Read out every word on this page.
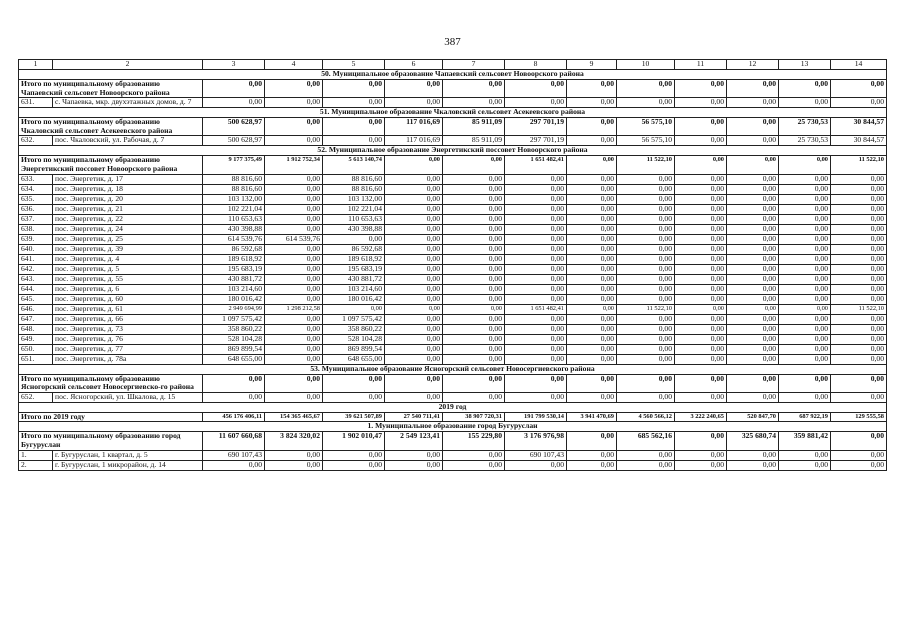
387
1	2	3	4	5	6	7	8	9	10	11	12	13	14
50. Муниципальное образование Чапаевский сельсовет Новоорского района													
Итого по муниципальному образованию Чапаевский сельсовет Новоорского района		0,00	0,00	0,00	0,00	0,00	0,00	0,00	0,00	0,00	0,00	0,00	0,00
631.	с. Чапаевка, мкр. двухэтажных домов, д. 7	0,00	0,00	0,00	0,00	0,00	0,00	0,00	0,00	0,00	0,00	0,00	0,00
51. Муниципальное образование Чкаловский сельсовет Асекеевского района													
Итого по муниципальному образованию Чкаловский сельсовет Асекеевского района		500 628,97	0,00	0,00	117 016,69	85 911,09	297 701,19	0,00	56 575,10	0,00	0,00	25 730,53	30 844,57
632.	пос. Чкаловский, ул. Рабочая, д. 7	500 628,97	0,00	0,00	117 016,69	85 911,09	297 701,19	0,00	56 575,10	0,00	0,00	25 730,53	30 844,57
52. Муниципальное образование Энергетикский поссовет Новоорского района													
Итого по муниципальному образованию Энергетикский поссовет Новоорского района		9 177 375,49	1 912 752,34	5 613 140,74	0,00	0,00	1 651 482,41	0,00	11 522,10	0,00	0,00	0,00	11 522,10
633.	пос. Энергетик, д. 17	88 816,60	0,00	88 816,60	0,00	0,00	0,00	0,00	0,00	0,00	0,00	0,00	0,00
634.	пос. Энергетик, д. 18	88 816,60	0,00	88 816,60	0,00	0,00	0,00	0,00	0,00	0,00	0,00	0,00	0,00
635.	пос. Энергетик, д. 20	103 132,00	0,00	103 132,00	0,00	0,00	0,00	0,00	0,00	0,00	0,00	0,00	0,00
636.	пос. Энергетик, д. 21	102 221,04	0,00	102 221,04	0,00	0,00	0,00	0,00	0,00	0,00	0,00	0,00	0,00
637.	пос. Энергетик, д. 22	110 653,63	0,00	110 653,63	0,00	0,00	0,00	0,00	0,00	0,00	0,00	0,00	0,00
638.	пос. Энергетик, д. 24	430 398,88	0,00	430 398,88	0,00	0,00	0,00	0,00	0,00	0,00	0,00	0,00	0,00
639.	пос. Энергетик, д. 25	614 539,76	614 539,76	0,00	0,00	0,00	0,00	0,00	0,00	0,00	0,00	0,00	0,00
640.	пос. Энергетик, д. 39	86 592,68	0,00	86 592,68	0,00	0,00	0,00	0,00	0,00	0,00	0,00	0,00	0,00
641.	пос. Энергетик, д. 4	189 618,92	0,00	189 618,92	0,00	0,00	0,00	0,00	0,00	0,00	0,00	0,00	0,00
642.	пос. Энергетик, д. 5	195 683,19	0,00	195 683,19	0,00	0,00	0,00	0,00	0,00	0,00	0,00	0,00	0,00
643.	пос. Энергетик, д. 55	430 881,72	0,00	430 881,72	0,00	0,00	0,00	0,00	0,00	0,00	0,00	0,00	0,00
644.	пос. Энергетик, д. 6	103 214,60	0,00	103 214,60	0,00	0,00	0,00	0,00	0,00	0,00	0,00	0,00	0,00
645.	пос. Энергетик, д. 60	180 016,42	0,00	180 016,42	0,00	0,00	0,00	0,00	0,00	0,00	0,00	0,00	0,00
646.	пос. Энергетик, д. 61	2 949 694,99	1 298 212,58	0,00	0,00	0,00	1 651 482,41	0,00	11 522,10	0,00	0,00	0,00	11 522,10
647.	пос. Энергетик, д. 66	1 097 575,42	0,00	1 097 575,42	0,00	0,00	0,00	0,00	0,00	0,00	0,00	0,00	0,00
648.	пос. Энергетик, д. 73	358 860,22	0,00	358 860,22	0,00	0,00	0,00	0,00	0,00	0,00	0,00	0,00	0,00
649.	пос. Энергетик, д. 76	528 104,28	0,00	528 104,28	0,00	0,00	0,00	0,00	0,00	0,00	0,00	0,00	0,00
650.	пос. Энергетик, д. 77	869 899,54	0,00	869 899,54	0,00	0,00	0,00	0,00	0,00	0,00	0,00	0,00	0,00
651.	пос. Энергетик, д. 78а	648 655,00	0,00	648 655,00	0,00	0,00	0,00	0,00	0,00	0,00	0,00	0,00	0,00
53. Муниципальное образование Ясногорский сельсовет Новосергиевского района													
Итого по муниципальному образованию Ясногорский сельсовет Новосергиевско-го района		0,00	0,00	0,00	0,00	0,00	0,00	0,00	0,00	0,00	0,00	0,00	0,00
652.	пос. Ясногорский, ул. Шкалова, д. 15	0,00	0,00	0,00	0,00	0,00	0,00	0,00	0,00	0,00	0,00	0,00	0,00
2019 год													
Итого по 2019 году		456 176 406,11	154 365 465,67	39 621 507,89	27 540 711,41	38 907 720,31	191 799 530,14	3 941 470,69	4 560 566,12	3 222 240,65	520 847,70	687 922,19	129 555,58
1. Муниципальное образование город Бугуруслан													
Итого по муниципальному образованию город Бугуруслан		11 607 660,68	3 824 320,02	1 902 010,47	2 549 123,41	155 229,80	3 176 976,98	0,00	685 562,16	0,00	325 680,74	359 881,42	0,00
1.	г. Бугуруслан, 1 квартал, д. 5	690 107,43	0,00	0,00	0,00	0,00	690 107,43	0,00	0,00	0,00	0,00	0,00	0,00
2.	г. Бугуруслан, 1 микрорайон, д. 14	0,00	0,00	0,00	0,00	0,00	0,00	0,00	0,00	0,00	0,00	0,00	0,00
